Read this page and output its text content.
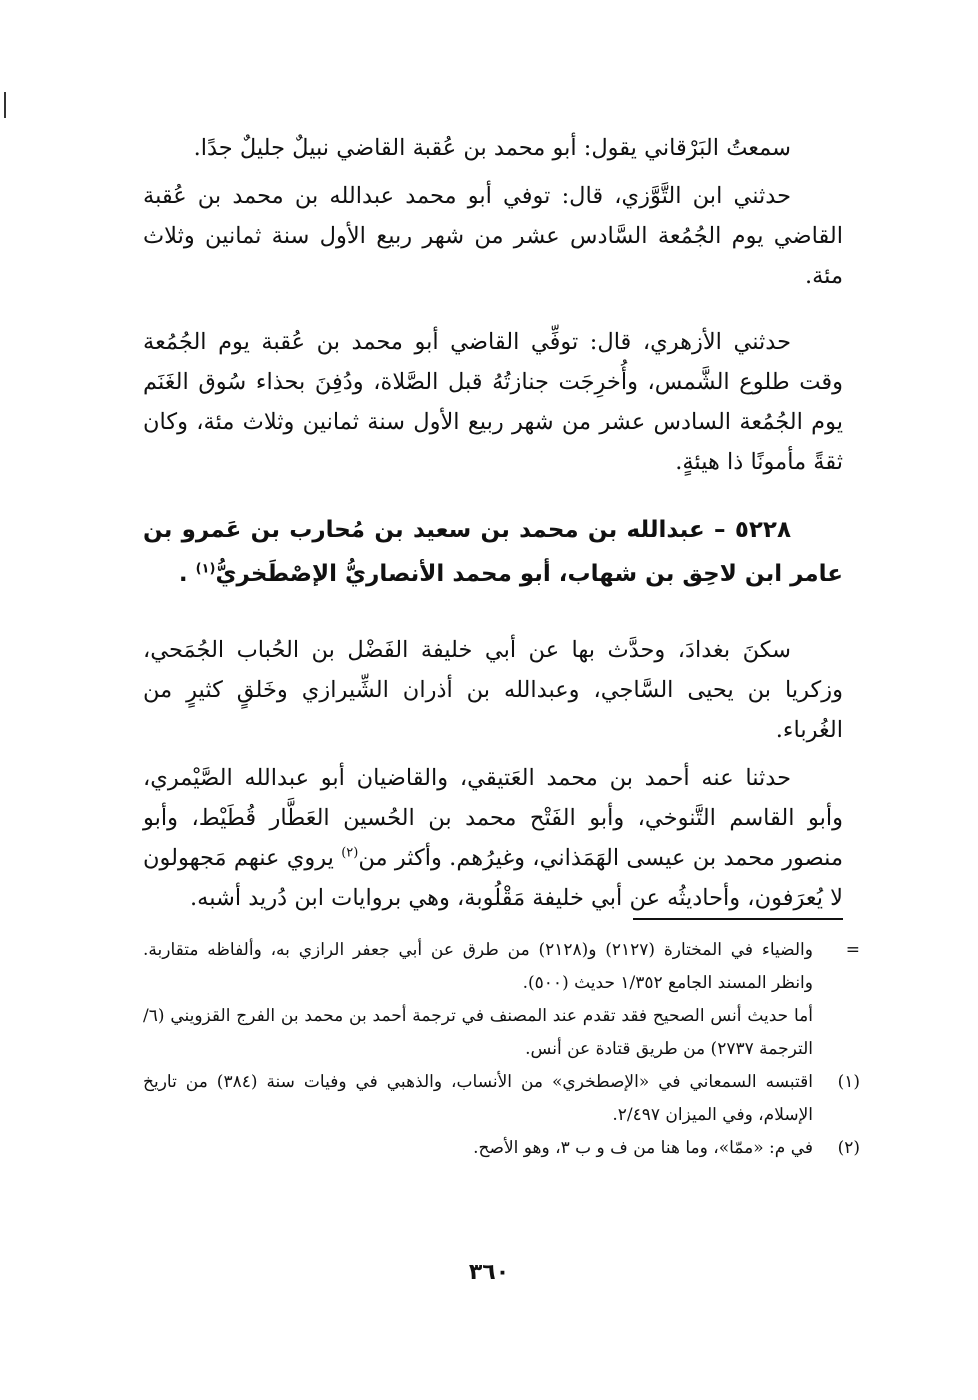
سمعتُ البَرْقاني يقول: أبو محمد بن عُقبة القاضي نبيلٌ جليلٌ جدًا.

حدثني ابن التَّوَّزي، قال: توفي أبو محمد عبدالله بن محمد بن عُقبة القاضي يوم الجُمُعة السَّادس عشر من شهر ربيع الأول سنة ثمانين وثلاث مئة.

حدثني الأزهري، قال: توفِّي القاضي أبو محمد بن عُقبة يوم الجُمُعة وقت طلوع الشَّمس، وأُخرِجَت جنازتُهُ قبل الصَّلاة، ودُفِنَ بحذاء سُوق الغَنَم يوم الجُمُعة السادس عشر من شهر ربيع الأول سنة ثمانين وثلاث مئة، وكان ثقةً مأمونًا ذا هيئةٍ.

٥٢٢٨ – عبدالله بن محمد بن سعيد بن مُحارب بن عَمرو بن عامر ابن لاحِق بن شهاب، أبو محمد الأنصاريُّ الإصْطَخريُّ$^{(١)}$ .

سكنَ بغدادَ، وحدَّث بها عن أبي خليفة الفَضْل بن الحُباب الجُمَحي، وزكريا بن يحيى السَّاجي، وعبدالله بن أذران الشِّيرازي وخَلقٍ كثيرٍ من الغُرباء.

حدثنا عنه أحمد بن محمد العَتيقي، والقاضيان أبو عبدالله الصَّيْمري، وأبو القاسم التَّنوخي، وأبو الفَتْح محمد بن الحُسين العَطَّار قُطَيْط، وأبو منصور محمد بن عيسى الهَمَذاني، وغيرُهم. وأكثر من$^{(٢)}$ يروي عنهم مَجهولون لا يُعرَفون، وأحاديثُه عن أبي خليفة مَقْلُوبة، وهي بروايات ابن دُريد أشبه.

=
والضياء في المختارة (٢١٢٧) و(٢١٢٨) من طرق عن أبي جعفر الرازي به، وألفاظه متقاربة. وانظر المسند الجامع ١/٣٥٢ حديث (٥٠٠).

أما حديث أنس الصحيح فقد تقدم عند المصنف في ترجمة أحمد بن محمد بن الفرج القزويني (٦/الترجمة ٢٧٣٧) من طريق قتادة عن أنس.

(١)
اقتبسه السمعاني في «الإصطخري» من الأنساب، والذهبي في وفيات سنة (٣٨٤) من تاريخ الإسلام، وفي الميزان ٢/٤٩٧.

(٢)
في م: «ممّا»، وما هنا من ف و ب ٣، وهو الأصح.

٣٦٠
